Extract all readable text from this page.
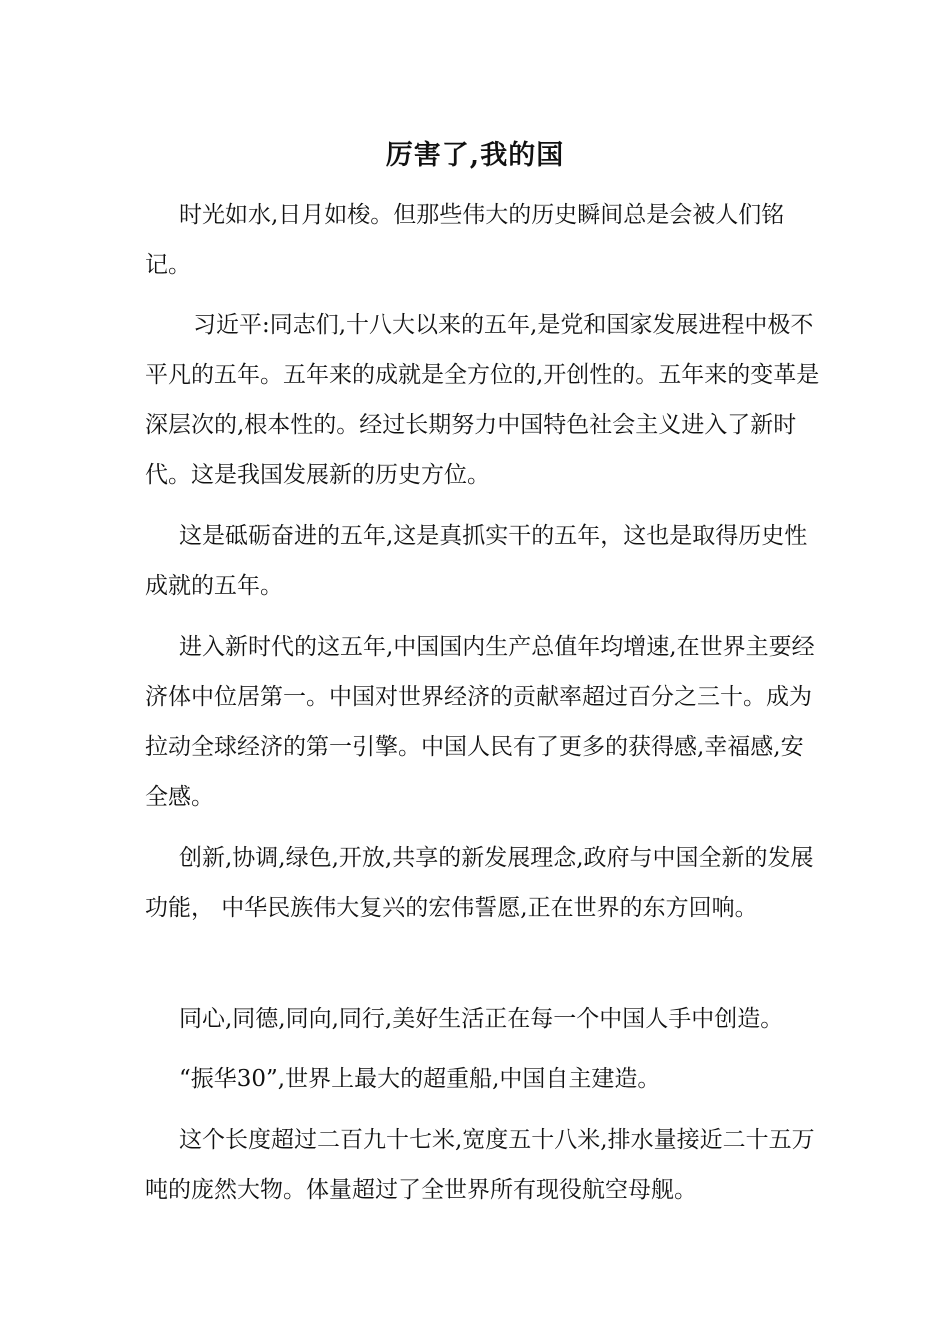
厉害了,我的国

时光如水,日月如梭。但那些伟大的历史瞬间总是会被人们铭记。

习近平:同志们,十八大以来的五年,是党和国家发展进程中极不平凡的五年。五年来的成就是全方位的,开创性的。五年来的变革是深层次的,根本性的。经过长期努力中国特色社会主义进入了新时代。这是我国发展新的历史方位。

这是砥砺奋进的五年,这是真抓实干的五年，这也是取得历史性成就的五年。

进入新时代的这五年,中国国内生产总值年均增速,在世界主要经济体中位居第一。中国对世界经济的贡献率超过百分之三十。成为拉动全球经济的第一引擎。中国人民有了更多的获得感,幸福感,安全感。

创新,协调,绿色,开放,共享的新发展理念,政府与中国全新的发展功能， 中华民族伟大复兴的宏伟誓愿,正在世界的东方回响。

同心,同德,同向,同行,美好生活正在每一个中国人手中创造。

“振华30”,世界上最大的超重船,中国自主建造。

这个长度超过二百九十七米,宽度五十八米,排水量接近二十五万吨的庞然大物。体量超过了全世界所有现役航空母舰。
